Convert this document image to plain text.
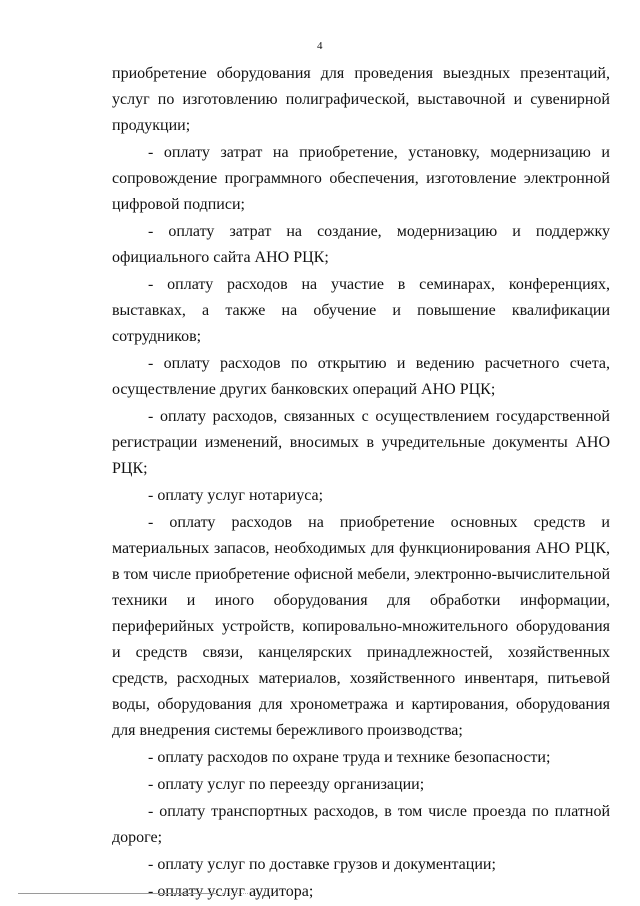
4

приобретение оборудования для проведения выездных презентаций, услуг по изготовлению полиграфической, выставочной и сувенирной продукции;

- оплату затрат на приобретение, установку, модернизацию и сопровождение программного обеспечения, изготовление электронной цифровой подписи;

- оплату затрат на создание, модернизацию и поддержку официального сайта АНО РЦК;

- оплату расходов на участие в семинарах, конференциях, выставках, а также на обучение и повышение квалификации сотрудников;

- оплату расходов по открытию и ведению расчетного счета, осуществление других банковских операций АНО РЦК;

- оплату расходов, связанных с осуществлением государственной регистрации изменений, вносимых в учредительные документы АНО РЦК;

- оплату услуг нотариуса;

- оплату расходов на приобретение основных средств и материальных запасов, необходимых для функционирования АНО РЦК, в том числе приобретение офисной мебели, электронно-вычислительной техники и иного оборудования для обработки информации, периферийных устройств, копировально-множительного оборудования и средств связи, канцелярских принадлежностей, хозяйственных средств, расходных материалов, хозяйственного инвентаря, питьевой воды, оборудования для хронометража и картирования, оборудования для внедрения системы бережливого производства;

- оплату расходов по охране труда и технике безопасности;

- оплату услуг по переезду организации;

- оплату транспортных расходов, в том числе проезда по платной дороге;

- оплату услуг по доставке грузов и документации;

- оплату услуг аудитора;
